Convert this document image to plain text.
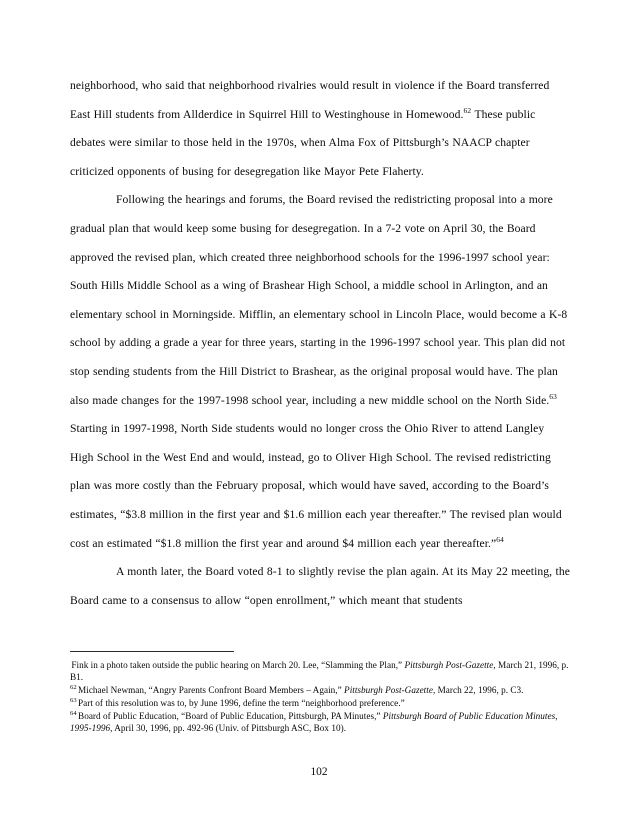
neighborhood, who said that neighborhood rivalries would result in violence if the Board transferred East Hill students from Allderdice in Squirrel Hill to Westinghouse in Homewood.$^{62}$ These public debates were similar to those held in the 1970s, when Alma Fox of Pittsburgh’s NAACP chapter criticized opponents of busing for desegregation like Mayor Pete Flaherty.

Following the hearings and forums, the Board revised the redistricting proposal into a more gradual plan that would keep some busing for desegregation. In a 7-2 vote on April 30, the Board approved the revised plan, which created three neighborhood schools for the 1996-1997 school year: South Hills Middle School as a wing of Brashear High School, a middle school in Arlington, and an elementary school in Morningside. Mifflin, an elementary school in Lincoln Place, would become a K-8 school by adding a grade a year for three years, starting in the 1996-1997 school year. This plan did not stop sending students from the Hill District to Brashear, as the original proposal would have. The plan also made changes for the 1997-1998 school year, including a new middle school on the North Side.$^{63}$ Starting in 1997-1998, North Side students would no longer cross the Ohio River to attend Langley High School in the West End and would, instead, go to Oliver High School. The revised redistricting plan was more costly than the February proposal, which would have saved, according to the Board’s estimates, “$3.8 million in the first year and $1.6 million each year thereafter.” The revised plan would cost an estimated “$1.8 million the first year and around $4 million each year thereafter.”$^{64}$

A month later, the Board voted 8-1 to slightly revise the plan again. At its May 22 meeting, the Board came to a consensus to allow “open enrollment,” which meant that students

Fink in a photo taken outside the public hearing on March 20. Lee, “Slamming the Plan,” Pittsburgh Post-Gazette, March 21, 1996, p. B1.
$^{62}$Michael Newman, “Angry Parents Confront Board Members – Again,” Pittsburgh Post-Gazette, March 22, 1996, p. C3.
$^{63}$Part of this resolution was to, by June 1996, define the term “neighborhood preference.”
$^{64}$Board of Public Education, “Board of Public Education, Pittsburgh, PA Minutes,” Pittsburgh Board of Public Education Minutes, 1995-1996, April 30, 1996, pp. 492-96 (Univ. of Pittsburgh ASC, Box 10).
102
